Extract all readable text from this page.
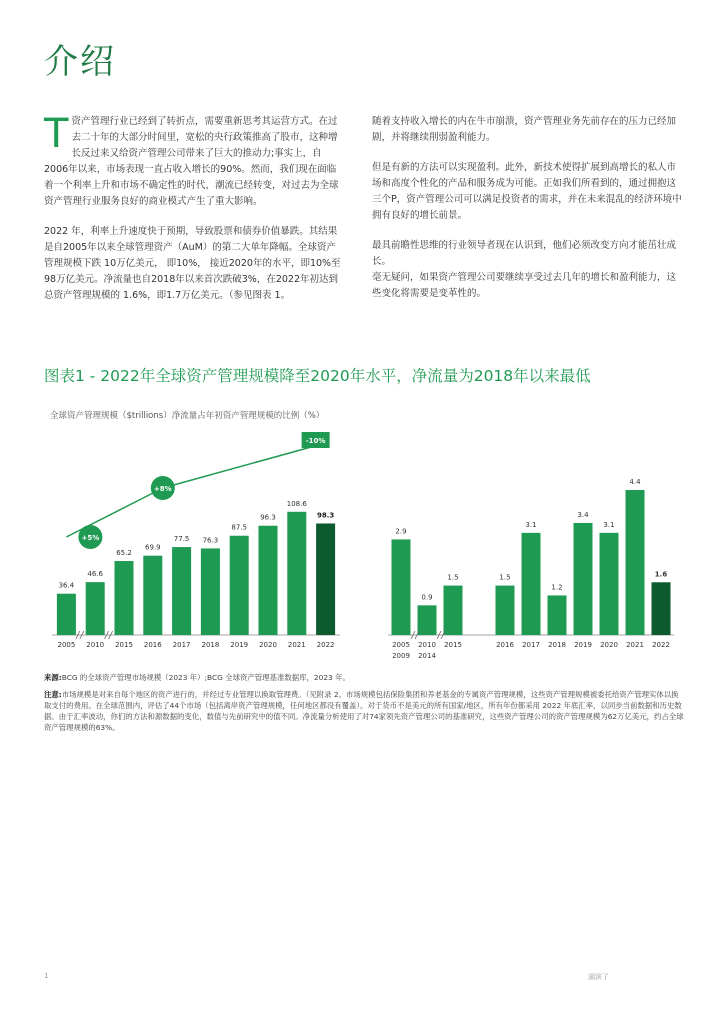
介绍

T资产管理行业已经到了转折点，需要重新思考其运营方式。在过去二十年的大部分时间里，宽松的央行政策推高了股市，这种增长反过来又给资产管理公司带来了巨大的推动力;事实上，自2006年以来，市场表现一直占收入增长的90%。然而，我们现在面临着一个利率上升和市场不确定性的时代，潮流已经转变，对过去为全球资产管理行业服务良好的商业模式产生了重大影响。

2022 年，利率上升速度快于预期，导致股票和债券价值暴跌。其结果是自2005年以来全球管理资产（AuM）的第二大单年降幅。全球资产管理规模下跌 10万亿美元， 即10%， 接近2020年的水平，即10%至98万亿美元。净流量也自2018年以来首次跌破3%，在2022年初达到总资产管理规模的 1.6%，即1.7万亿美元。（参见图表 1。

随着支持收入增长的内在牛市崩溃，资产管理业务先前存在的压力已经加剧，并将继续削弱盈利能力。

但是有新的方法可以实现盈利。此外，新技术使得扩展到高增长的私人市场和高度个性化的产品和服务成为可能。正如我们所看到的，通过拥抱这三个P，资产管理公司可以满足投资者的需求，并在未来混乱的经济环境中拥有良好的增长前景。

最具前瞻性思维的行业领导者现在认识到，他们必须改变方向才能茁壮成长。

毫无疑问，如果资产管理公司要继续享受过去几年的增长和盈利能力，这些变化将需要是变革性的。

图表1 - 2022年全球资产管理规模降至2020年水平，净流量为2018年以来最低
全球资产管理规模（$trillions）净流量占年初资产管理规模的比例（%）
36.4
2005
46.6
2010
65.2
2015
69.9
2016
77.5
2017
76.3
2018
87.5
2019
96.3
2020
108.6
2021
98.3
2022
+5%
+8%
-10%
2.9
0.9
1.5	1.5
3.1
1.2
3.4
3.1
4.4
1.6
2005
2009
2010
2014
2015	2016 2017 2018 2019 2020 2021 2022

来源:BCG 的全球资产管理市场规模（2023 年）;BCG 全球资产管理基准数据库，2023 年。

注意:市场规模是对来自每个地区的资产进行的，并经过专业管理以换取管理费。（见附录 2。市场规模包括保险集团和养老基金的专属资产管理规模，这些资产管理规模被委托给资产管理实体以换取支付的费用。在全球范围内，评估了44个市场（包括离岸资产管理规模，任何地区都没有覆盖）。对于货币不是美元的所有国家/地区，所有年份都采用 2022 年底汇率，以同步当前数据和历史数据。由于汇率波动，你们的方法和源数据的变化，数值与先前研究中的值不同。净流量分析使用了对74家领先资产管理公司的基准研究，这些资产管理公司的资产管理规模为62万亿美元，约占全球资产管理规模的63%。

1	湖滨了
